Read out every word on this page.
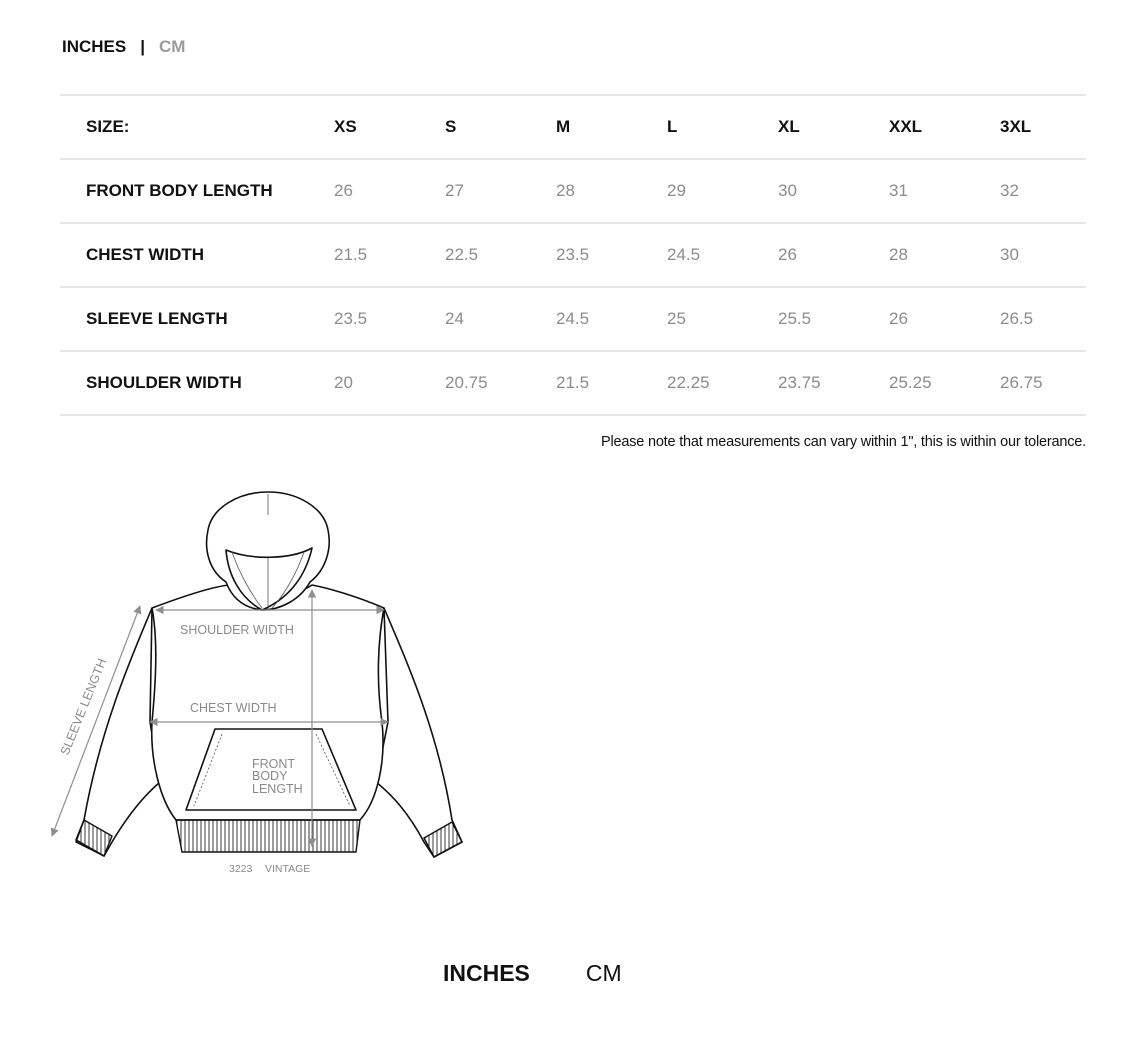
INCHES | CM
SIZE:	XS	S	M	L	XL	XXL	3XL
FRONT BODY LENGTH	26	27	28	29	30	31	32
CHEST WIDTH	21.5	22.5	23.5	24.5	26	28	30
SLEEVE LENGTH	23.5	24	24.5	25	25.5	26	26.5
SHOULDER WIDTH	20	20.75	21.5	22.25	23.75	25.25	26.75
Please note that measurements can vary within 1", this is within our tolerance.
SHOULDER WIDTH
CHEST WIDTH
FRONT
BODY
LENGTH
SLEEVE LENGTH
3223 VINTAGE
INCHES CM
